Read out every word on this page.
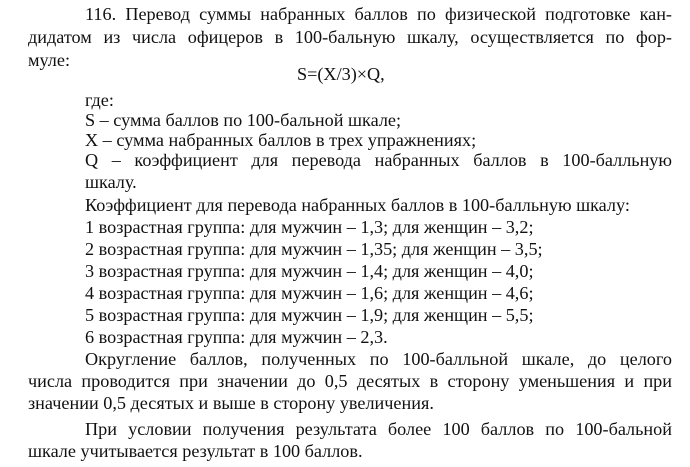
116. Перевод суммы набранных баллов по физической подготовке кан-
дидатом из числа офицеров в 100-бальную шкалу, осуществляется по фор-
муле:
S=(X/3)×Q,
где:
S – сумма баллов по 100-бальной шкале;
X – сумма набранных баллов в трех упражнениях;
Q – коэффициент для перевода набранных баллов в 100-балльную
шкалу.
Коэффициент для перевода набранных баллов в 100-балльную шкалу:
1 возрастная группа: для мужчин – 1,3; для женщин – 3,2;
2 возрастная группа: для мужчин – 1,35; для женщин – 3,5;
3 возрастная группа: для мужчин – 1,4; для женщин – 4,0;
4 возрастная группа: для мужчин – 1,6; для женщин – 4,6;
5 возрастная группа: для мужчин – 1,9; для женщин – 5,5;
6 возрастная группа: для мужчин – 2,3.
Округление баллов, полученных по 100-балльной шкале, до целого
числа проводится при значении до 0,5 десятых в сторону уменьшения и при
значении 0,5 десятых и выше в сторону увеличения.
При условии получения результата более 100 баллов по 100-бальной
шкале учитывается результат в 100 баллов.
